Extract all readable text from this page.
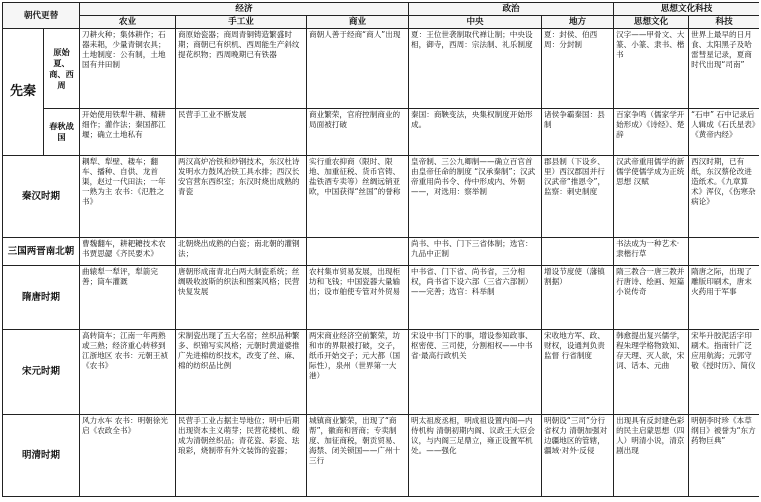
朝代更替		经济			政治		思想文化科技	
		农业	手工业	商业	中央	地方	思想文化	科技
先秦	原始 夏、商、西周	刀耕火种；集体耕作；石器耒耜，少量青铜农具；土地制度：公有制，土地国有井田制	商原始瓷器；商周青铜铸造繁盛时期；商朝已有织机、西周能生产斜纹提花织物；西周晚期已有铁器	商朝人善于经商“商人”出现	夏：王位世袭制取代禅让制；中央设相，御寺，西周：宗法制、礼乐制度	夏：封侯、伯西周：分封制	汉字——甲骨文、大篆、小篆、隶书、楷书	世界上最早的日月食、太阳黑子及哈雷彗星记录，夏商时代出现“司南”
	春秋战国	开始使用铁犁牛耕、精耕细作；灌作法；秦国都江堰；确立土地私有	民营手工业不断发展	商业繁荣，官府控制商业的局面被打破	秦国：商鞅变法，央集权制度开始形成。	诸侯争霸秦国：县制	百家争鸣（儒家学开始形成）《诗经》、楚辞	“石申” 石中记录后人辑成《石氏星表》《黄帝内经》
秦汉时期		耦犁、犁壁、耧车；翻车、播种、自供、龙首渠，赵过一代田法；一年一熟为主 农书：《氾胜之书》	两汉高炉冶铁和炒钢技术，东汉杜诗发明水力鼓风冶铁工具水排；西汉长安官营东西织室；东汉时烧出成熟的青瓷	实行重农抑商（限时、限地、加重征税、货币官铸、盐铁酒专卖等）丝绸远销亚欧，中国获得“丝国”的誉称	皇帝制、三公九卿制——确立百官首由皇帝任命的制度 “汉承秦制”；汉武帝重用尚书令、侍中形成内、外朝——，对选用：察举制	郡县制（下设乡、里）西汉郡国并行汉武帝“推恩令”，监察：刺史制度	汉武帝重用儒学的新儒学使儒学成为正统思想 汉赋	西汉时期，已有纸，东汉蔡伦改进造纸术。《九章算术》浑仪，《伤寒杂病论》
三国两晋南北朝		曹魏翻车，耕耙耱技术农书贾思勰《齐民要术》	北朝烧出成熟的白瓷；南北朝的灌钢法；		尚书、中书、门下三省体制；选官：九品中正制		书法成为一种艺术·隶楷行草	
隋唐时期		曲辕犁一犁评，犁箭完善；筒车灌溉	唐朝形成南青北白两大制瓷系统；丝绸吸收波斯的织法和图案风格；民营快复发展	农村集市贸易发展，出现柜坊和飞钱；中国瓷器大量输出；设市舶使专管对外贸易	中书省、门下省、尚书省，三分相权，尚书省下设六部（三省六部制）——完善；选官：科举制	增设节度使（藩镇割据）	隋三教合一唐三教并行唐诗、绘画、短篇小说传奇	隋唐之际，出现了雕版印刷术，唐末火药用于军事
宋元时期		高转筒车；江南一年两熟或三熟；经济重心转移到江浙地区 农书：元朝王祯《农书》	宋制瓷出现了五大名窑；丝织品种繁多、织锦写实风格；元朝时黄道婆推广先进棉纺织技术，改变了丝、麻、棉的纺织品比例	两宋商业经济空前繁荣，坊和市的界限被打破，交子，纸币开始交子；元大都（国际性），泉州（世界第一大港）	宋设中书门下的事，增设参知政事、枢密使、三司使，分割相权——中书省·最高行政机关	宋收地方军、政、财权，设通判负责监督 行省制度	韩愈提出复兴儒学，程朱理学格物致知、存天理、灭人欲，宋词、话本、元曲	宋毕升胶泥活字印刷术。指南针广泛应用航海；元郭守敬《授时历》、简仪
明清时期		风力水车 农书：明朝徐光启《农政全书》	民营手工业占据主导地位；明中后期出现资本主义萌芽；民营花楼机、缎成为清朝丝织品；青花瓷、彩瓷、珐琅彩，烧制带有外文装饰的瓷器；	城镇商业繁荣，出现了“商帮”，徽商和晋商；专卖制度、加征商税，朝贡贸易、海禁、闭关锁国——广州十三行	明太祖废丞相，明成祖设置内阁—内侍机构 清朝初期内阁、议政王大臣会议，与内阁三足鼎立，雍正设置军机处。——强化	明朝设“三司”分行省权力 清朝加强对边疆地区的管辖，疆域·对外·反侵	出现具有反封建色彩的民主启蒙思想（四人）明清小说，清京剧出现	明朝李时珍《本草纲目》被誉为“东方药物巨典”
